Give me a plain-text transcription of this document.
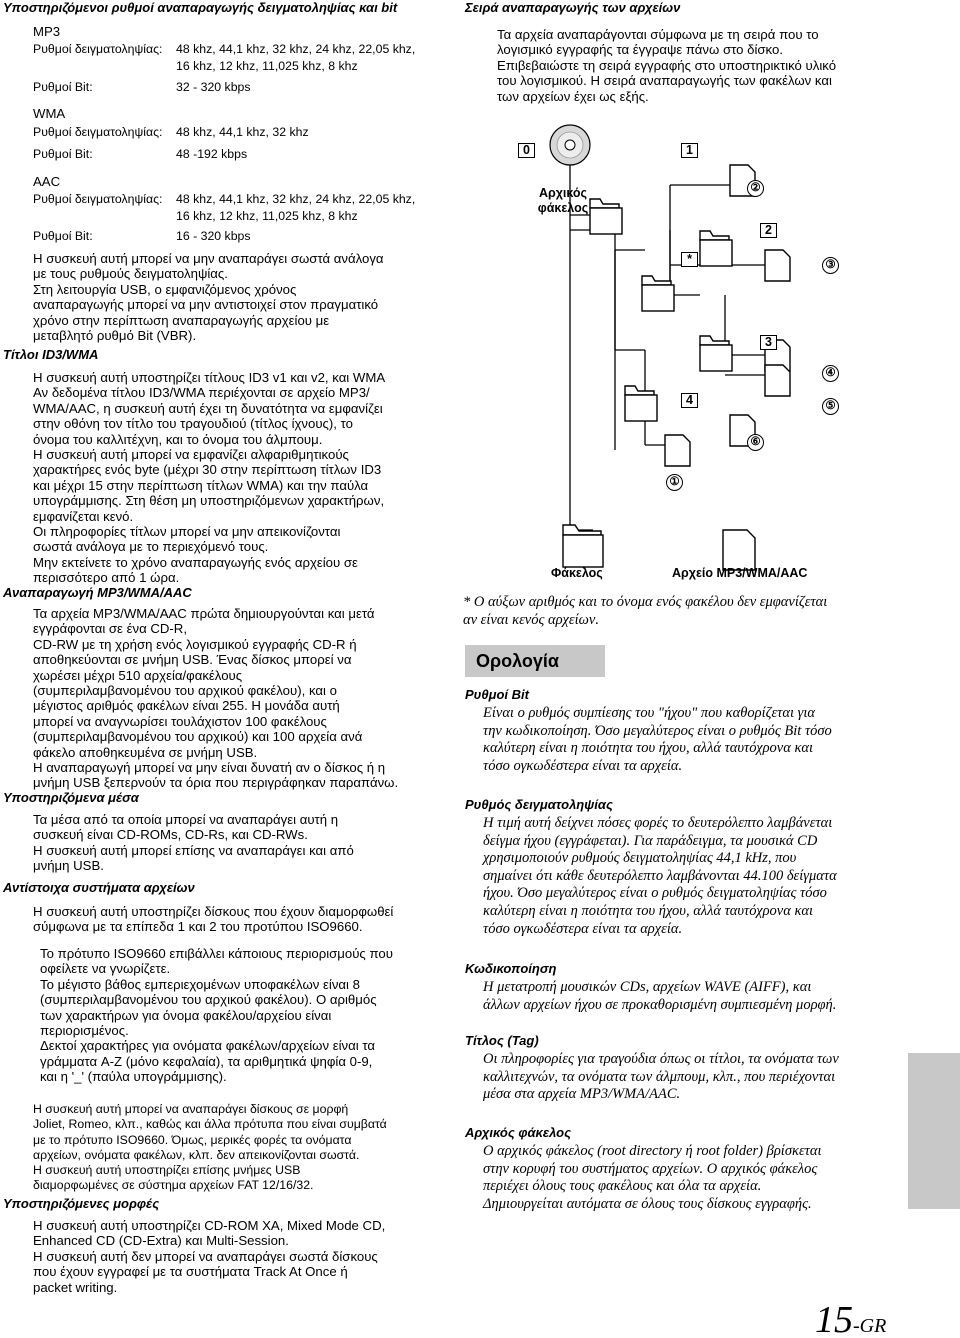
Υποστηριζόμενοι ρυθμοί αναπαραγωγής δειγματοληψίας και bit
MP3
Ρυθμοί δειγματοληψίας: 48 khz, 44,1 khz, 32 khz, 24 khz, 22,05 khz,
16 khz, 12 khz, 11,025 khz, 8 khz
Ρυθμοί Bit:	32 - 320 kbps
WMA
Ρυθμοί δειγματοληψίας: 48 khz, 44,1 khz, 32 khz
Ρυθμοί Bit:	48 -192 kbps
AAC
Ρυθμοί δειγματοληψίας: 48 khz, 44,1 khz, 32 khz, 24 khz, 22,05 khz,
16 khz, 12 khz, 11,025 khz, 8 khz
Ρυθμοί Bit:	16 - 320 kbps
Η συσκευή αυτή μπορεί να μην αναπαράγει σωστά ανάλογα
με τους ρυθμούς δειγματοληψίας.
Στη λειτουργία USB, ο εμφανιζόμενος χρόνος
αναπαραγωγής μπορεί να μην αντιστοιχεί στον πραγματικό
χρόνο στην περίπτωση αναπαραγωγής αρχείου με
μεταβλητό ρυθμό Bit (VBR).
Τίτλοι ID3/WMA
Η συσκευή αυτή υποστηρίζει τίτλους ID3 v1 και v2, και WMA
Αν δεδομένα τίτλου ID3/WMA περιέχονται σε αρχείο MP3/
WMA/AAC, η συσκευή αυτή έχει τη δυνατότητα να εμφανίζει
στην οθόνη τον τίτλο του τραγουδιού (τίτλος ίχνους), το
όνομα του καλλιτέχνη, και το όνομα του άλμπουμ.
Η συσκευή αυτή μπορεί να εμφανίζει αλφαριθμητικούς
χαρακτήρες ενός byte (μέχρι 30 στην περίπτωση τίτλων ID3
και μέχρι 15 στην περίπτωση τίτλων WMA) και την παύλα
υπογράμμισης. Στη θέση μη υποστηριζόμενων χαρακτήρων,
εμφανίζεται κενό.
Οι πληροφορίες τίτλων μπορεί να μην απεικονίζονται
σωστά ανάλογα με το περιεχόμενό τους.
Μην εκτείνετε το χρόνο αναπαραγωγής ενός αρχείου σε
περισσότερο από 1 ώρα.
Αναπαραγωγή MP3/WMA/AAC
Τα αρχεία MP3/WMA/AAC πρώτα δημιουργούνται και μετά
εγγράφονται σε ένα CD-R,
CD-RW με τη χρήση ενός λογισμικού εγγραφής CD-R ή
αποθηκεύονται σε μνήμη USB. Ένας δίσκος μπορεί να
χωρέσει μέχρι 510 αρχεία/φακέλους
(συμπεριλαμβανομένου του αρχικού φακέλου), και ο
μέγιστος αριθμός φακέλων είναι 255. Η μονάδα αυτή
μπορεί να αναγνωρίσει τουλάχιστον 100 φακέλους
(συμπεριλαμβανομένου του αρχικού) και 100 αρχεία ανά
φάκελο αποθηκευμένα σε μνήμη USB.
Η αναπαραγωγή μπορεί να μην είναι δυνατή αν ο δίσκος ή η
μνήμη USB ξεπερνούν τα όρια που περιγράφηκαν παραπάνω.
Υποστηριζόμενα μέσα
Τα μέσα από τα οποία μπορεί να αναπαράγει αυτή η
συσκευή είναι CD-ROMs, CD-Rs, και CD-RWs.
Η συσκευή αυτή μπορεί επίσης να αναπαράγει και από
μνήμη USB.
Αντίστοιχα συστήματα αρχείων
Η συσκευή αυτή υποστηρίζει δίσκους που έχουν διαμορφωθεί
σύμφωνα με τα επίπεδα 1 και 2 του προτύπου ISO9660.
Το πρότυπο ISO9660 επιβάλλει κάποιους περιορισμούς που
οφείλετε να γνωρίζετε.
Το μέγιστο βάθος εμπεριεχομένων υποφακέλων είναι 8
(συμπεριλαμβανομένου του αρχικού φακέλου). Ο αριθμός
των χαρακτήρων για όνομα φακέλου/αρχείου είναι
περιορισμένος.
Δεκτοί χαρακτήρες για ονόματα φακέλων/αρχείων είναι τα
γράμματα A-Z (μόνο κεφαλαία), τα αριθμητικά ψηφία 0-9,
και η '_' (παύλα υπογράμμισης).
Η συσκευή αυτή μπορεί να αναπαράγει δίσκους σε μορφή
Joliet, Romeo, κλπ., καθώς και άλλα πρότυπα που είναι συμβατά
με το πρότυπο ISO9660. Όμως, μερικές φορές τα ονόματα
αρχείων, ονόματα φακέλων, κλπ. δεν απεικονίζονται σωστά.
Η συσκευή αυτή υποστηρίζει επίσης μνήμες USB
διαμορφωμένες σε σύστημα αρχείων FAT 12/16/32.
Υποστηριζόμενες μορφές
Η συσκευή αυτή υποστηρίζει CD-ROM XA, Mixed Mode CD,
Enhanced CD (CD-Extra) και Multi-Session.
Η συσκευή αυτή δεν μπορεί να αναπαράγει σωστά δίσκους
που έχουν εγγραφεί με τα συστήματα Track At Once ή
packet writing.
Σειρά αναπαραγωγής των αρχείων
Τα αρχεία αναπαράγονται σύμφωνα με τη σειρά που το
λογισμικό εγγραφής τα έγγραψε πάνω στο δίσκο.
Επιβεβαιώστε τη σειρά εγγραφής στο υποστηρικτικό υλικό
του λογισμικού. Η σειρά αναπαραγωγής των φακέλων και
των αρχείων έχει ως εξής.
0	1
②
2
*	③
3
④
4	⑤
⑥
①
Αρχικός
φάκελος
Φάκελος	Αρχείο MP3/WMA/AAC
* Ο αύξων αριθμός και το όνομα ενός φακέλου δεν εμφανίζεται
αν είναι κενός αρχείων.
Ορολογία
Ρυθμοί Bit
Είναι ο ρυθμός συμπίεσης του "ήχου" που καθορίζεται για
την κωδικοποίηση. Όσο μεγαλύτερος είναι ο ρυθμός Bit τόσο
καλύτερη είναι η ποιότητα του ήχου, αλλά ταυτόχρονα και
τόσο ογκωδέστερα είναι τα αρχεία.
Ρυθμός δειγματοληψίας
Η τιμή αυτή δείχνει πόσες φορές το δευτερόλεπτο λαμβάνεται
δείγμα ήχου (εγγράφεται). Για παράδειγμα, τα μουσικά CD
χρησιμοποιούν ρυθμούς δειγματοληψίας 44,1 kHz, που
σημαίνει ότι κάθε δευτερόλεπτο λαμβάνονται 44.100 δείγματα
ήχου. Όσο μεγαλύτερος είναι ο ρυθμός δειγματοληψίας τόσο
καλύτερη είναι η ποιότητα του ήχου, αλλά ταυτόχρονα και
τόσο ογκωδέστερα είναι τα αρχεία.
Κωδικοποίηση
Η μετατροπή μουσικών CDs, αρχείων WAVE (AIFF), και
άλλων αρχείων ήχου σε προκαθορισμένη συμπιεσμένη μορφή.
Τίτλος (Tag)
Οι πληροφορίες για τραγούδια όπως οι τίτλοι, τα ονόματα των
καλλιτεχνών, τα ονόματα των άλμπουμ, κλπ., που περιέχονται
μέσα στα αρχεία MP3/WMA/AAC.
Αρχικός φάκελος
Ο αρχικός φάκελος (root directory ή root folder) βρίσκεται
στην κορυφή του συστήματος αρχείων. Ο αρχικός φάκελος
περιέχει όλους τους φακέλους και όλα τα αρχεία.
Δημιουργείται αυτόματα σε όλους τους δίσκους εγγραφής.
15-GR
